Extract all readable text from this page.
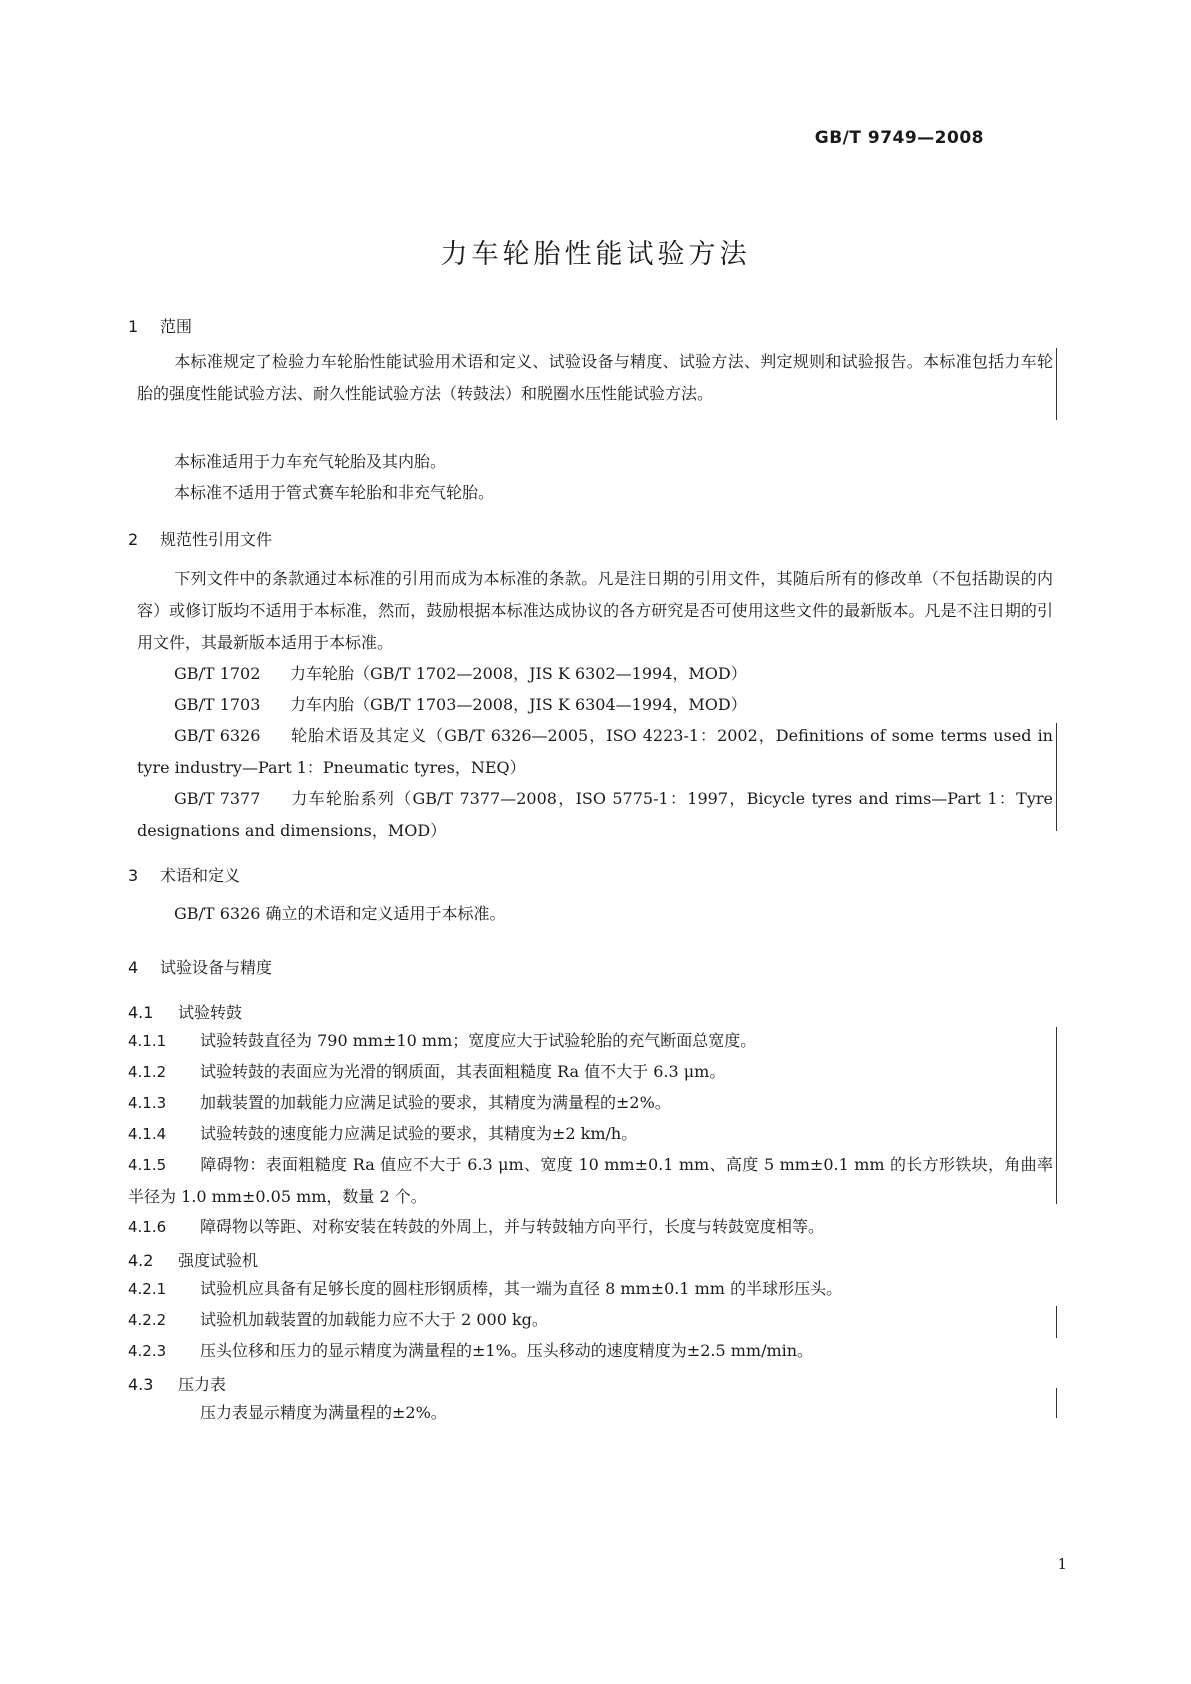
GB/T 9749—2008
力车轮胎性能试验方法
1 范围
本标准规定了检验力车轮胎性能试验用术语和定义、试验设备与精度、试验方法、判定规则和试验报告。本标准包括力车轮胎的强度性能试验方法、耐久性能试验方法（转鼓法）和脱圈水压性能试验方法。
本标准适用于力车充气轮胎及其内胎。
本标准不适用于管式赛车轮胎和非充气轮胎。
2 规范性引用文件
下列文件中的条款通过本标准的引用而成为本标准的条款。凡是注日期的引用文件，其随后所有的修改单（不包括勘误的内容）或修订版均不适用于本标准，然而，鼓励根据本标准达成协议的各方研究是否可使用这些文件的最新版本。凡是不注日期的引用文件，其最新版本适用于本标准。
GB/T 1702 力车轮胎（GB/T 1702—2008，JIS K 6302—1994，MOD）
GB/T 1703 力车内胎（GB/T 1703—2008，JIS K 6304—1994，MOD）
GB/T 6326 轮胎术语及其定义（GB/T 6326—2005，ISO 4223-1：2002，Definitions of some terms used in tyre industry—Part 1：Pneumatic tyres，NEQ）
GB/T 7377 力车轮胎系列（GB/T 7377—2008，ISO 5775-1：1997，Bicycle tyres and rims—Part 1：Tyre designations and dimensions，MOD）
3 术语和定义
GB/T 6326 确立的术语和定义适用于本标准。
4 试验设备与精度
4.1 试验转鼓
4.1.1 试验转鼓直径为 790 mm±10 mm；宽度应大于试验轮胎的充气断面总宽度。
4.1.2 试验转鼓的表面应为光滑的钢质面，其表面粗糙度 Ra 值不大于 6.3 μm。
4.1.3 加载装置的加载能力应满足试验的要求，其精度为满量程的±2%。
4.1.4 试验转鼓的速度能力应满足试验的要求，其精度为±2 km/h。
4.1.5 障碍物：表面粗糙度 Ra 值应不大于 6.3 μm、宽度 10 mm±0.1 mm、高度 5 mm±0.1 mm 的长方形铁块，角曲率半径为 1.0 mm±0.05 mm，数量 2 个。
4.1.6 障碍物以等距、对称安装在转鼓的外周上，并与转鼓轴方向平行，长度与转鼓宽度相等。
4.2 强度试验机
4.2.1 试验机应具备有足够长度的圆柱形钢质棒，其一端为直径 8 mm±0.1 mm 的半球形压头。
4.2.2 试验机加载装置的加载能力应不大于 2 000 kg。
4.2.3 压头位移和压力的显示精度为满量程的±1%。压头移动的速度精度为±2.5 mm/min。
4.3 压力表
压力表显示精度为满量程的±2%。
1
